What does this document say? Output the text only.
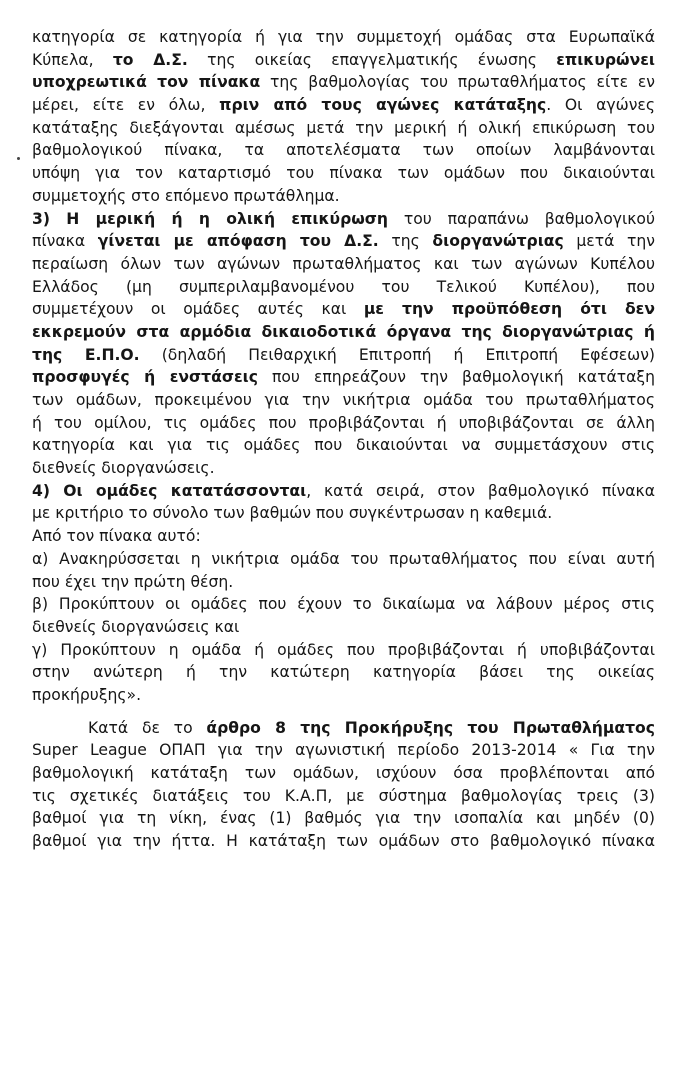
κατηγορία σε κατηγορία ή για την συμμετοχή ομάδας στα Ευρωπαϊκά
Κύπελα, το Δ.Σ. της οικείας επαγγελματικής ένωσης επικυρώνει
υποχρεωτικά τον πίνακα της βαθμολογίας του πρωταθλήματος είτε εν
μέρει, είτε εν όλω, πριν από τους αγώνες κατάταξης. Οι αγώνες
κατάταξης διεξάγονται αμέσως μετά την μερική ή ολική επικύρωση του
βαθμολογικού πίνακα, τα αποτελέσματα των οποίων λαμβάνονται
υπόψη για τον καταρτισμό του πίνακα των ομάδων που δικαιούνται
συμμετοχής στο επόμενο πρωτάθλημα.
3) Η μερική ή η ολική επικύρωση του παραπάνω βαθμολογικού
πίνακα γίνεται με απόφαση του Δ.Σ. της διοργανώτριας μετά την
περαίωση όλων των αγώνων πρωταθλήματος και των αγώνων Κυπέλου
Ελλάδος (μη συμπεριλαμβανομένου του Τελικού Κυπέλου), που
συμμετέχουν οι ομάδες αυτές και με την προϋπόθεση ότι δεν
εκκρεμούν στα αρμόδια δικαιοδοτικά όργανα της διοργανώτριας ή
της Ε.Π.Ο. (δηλαδή Πειθαρχική Επιτροπή ή Επιτροπή Εφέσεων)
προσφυγές ή ενστάσεις που επηρεάζουν την βαθμολογική κατάταξη
των ομάδων, προκειμένου για την νικήτρια ομάδα του πρωταθλήματος
ή του ομίλου, τις ομάδες που προβιβάζονται ή υποβιβάζονται σε άλλη
κατηγορία και για τις ομάδες που δικαιούνται να συμμετάσχουν στις
διεθνείς διοργανώσεις.
4) Οι ομάδες κατατάσσονται, κατά σειρά, στον βαθμολογικό πίνακα
με κριτήριο το σύνολο των βαθμών που συγκέντρωσαν η καθεμιά.
Από τον πίνακα αυτό:
α) Ανακηρύσσεται η νικήτρια ομάδα του πρωταθλήματος που είναι αυτή
που έχει την πρώτη θέση.
β) Προκύπτουν οι ομάδες που έχουν το δικαίωμα να λάβουν μέρος στις
διεθνείς διοργανώσεις και
γ) Προκύπτουν η ομάδα ή ομάδες που προβιβάζονται ή υποβιβάζονται
στην ανώτερη ή την κατώτερη κατηγορία βάσει της οικείας
προκήρυξης».
Κατά δε το άρθρο 8 της Προκήρυξης του Πρωταθλήματος
Super League ΟΠΑΠ για την αγωνιστική περίοδο 2013-2014 « Για την
βαθμολογική κατάταξη των ομάδων, ισχύουν όσα προβλέπονται από
τις σχετικές διατάξεις του Κ.Α.Π, με σύστημα βαθμολογίας τρεις (3)
βαθμοί για τη νίκη, ένας (1) βαθμός για την ισοπαλία και μηδέν (0)
βαθμοί για την ήττα. Η κατάταξη των ομάδων στο βαθμολογικό πίνακα
